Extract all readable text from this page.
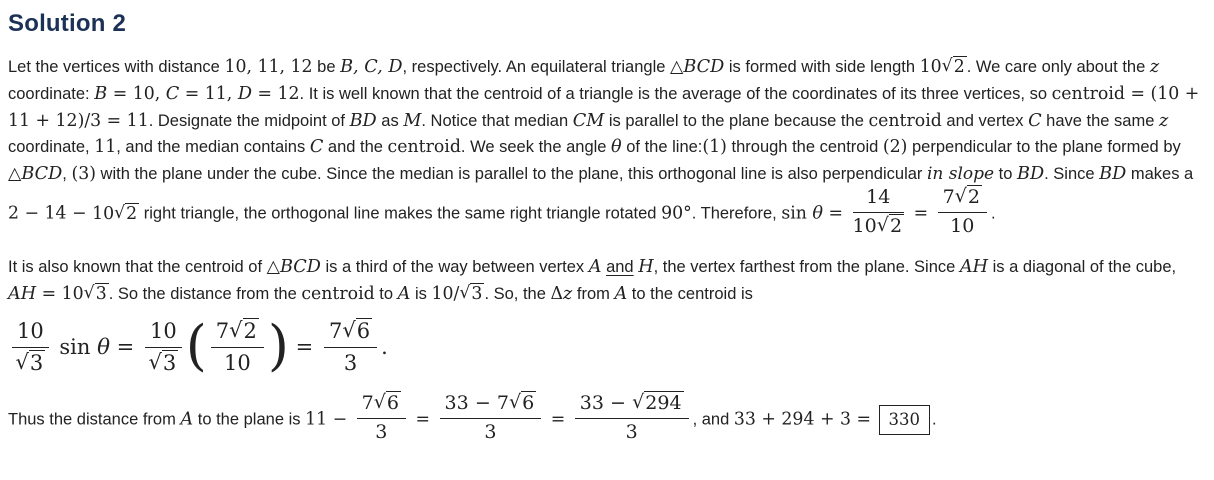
Solution 2

Let the vertices with distance 10, 11, 12 be B, C, D, respectively. An equilateral triangle △BCD is formed with side length 10√2 . We care only about the z coordinate: B = 10, C = 11, D = 12. It is well known that the centroid of a triangle is the average of the coordinates of its three vertices, so centroid = (10 + 11 + 12)/3 = 11. Designate the midpoint of BD as M. Notice that median CM is parallel to the plane because the centroid and vertex C have the same z coordinate, 11, and the median contains C and the centroid. We seek the angle θ of the line:(1) through the centroid (2) perpendicular to the plane formed by △BCD, (3) with the plane under the cube. Since the median is parallel to the plane, this orthogonal line is also perpendicular in slope to BD. Since BD makes a 2 − 14 − 10√2 right triangle, the orthogonal line makes the same right triangle rotated 90°. Therefore, $\sin \theta = \frac{14}{10√2} = \frac{7√2}{10}$ .

It is also known that the centroid of △BCD is a third of the way between vertex A and H, the vertex farthest from the plane. Since AH is a diagonal of the cube, AH = 10√3 . So the distance from the centroid to A is 10/√3 . So, the Δz from A to the centroid is

$\frac{10}{√3}$ $\sin \theta = \frac{10}{√3}$ ( $\frac{7√2}{10}$ ) = $\frac{7√6}{3}$ .

Thus the distance from A to the plane is $11 - \frac{7√6}{3} = \frac{33 - 7√6}{3} = \frac{33 - √294}{3}$ , and 33 + 294 + 3 = 330 .
